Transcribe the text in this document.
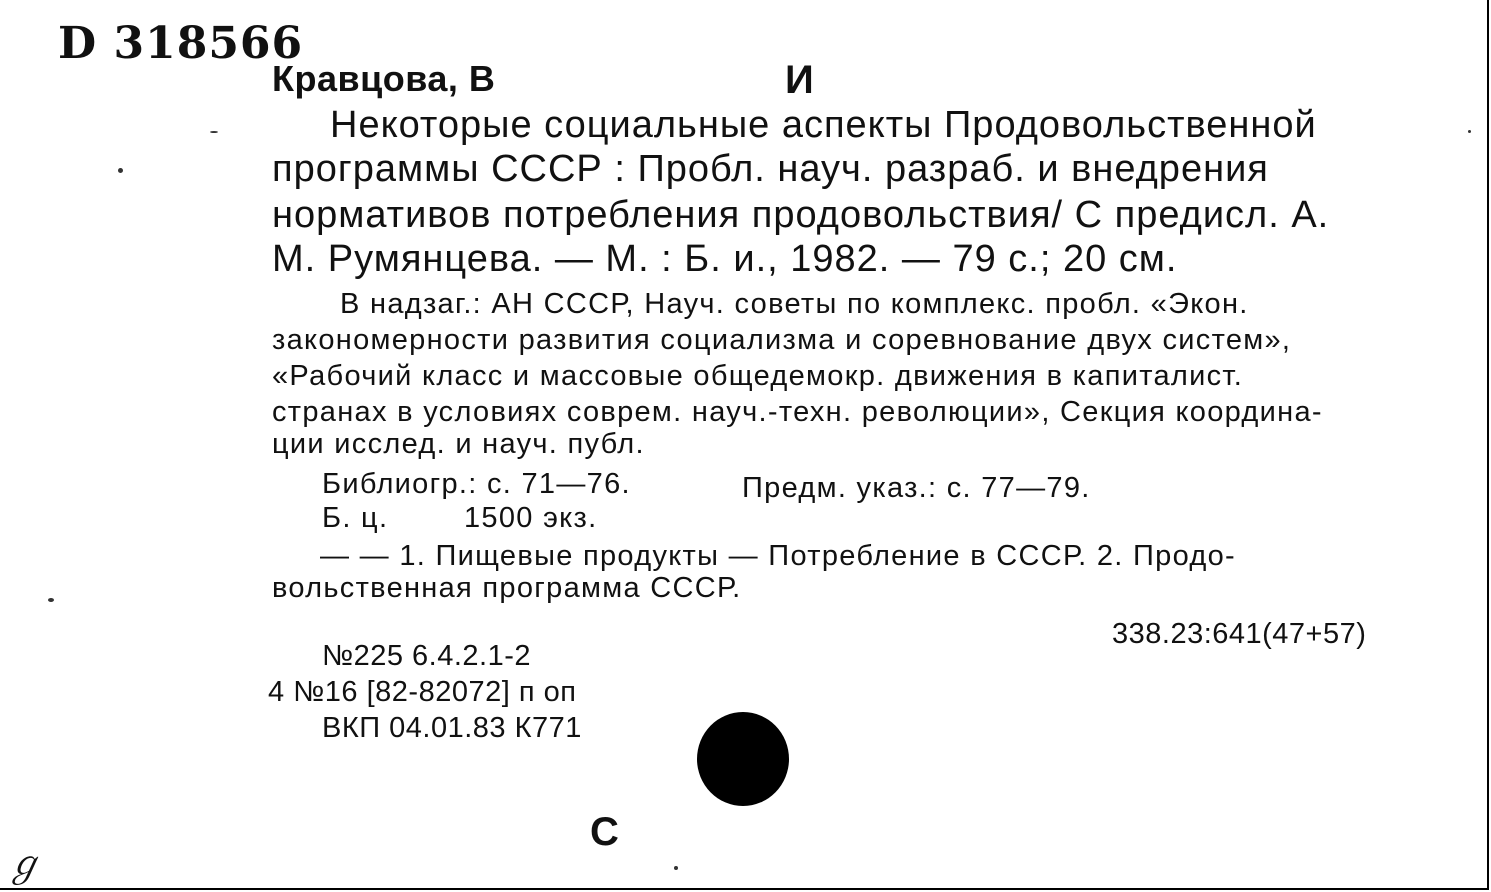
D 318566
Кравцова, В	И
Некоторые социальные аспекты Продовольственной
программы СССР : Пробл. науч. разраб. и внедрения
нормативов потребления продовольствия/ С предисл. А.
М. Румянцева. — М. : Б. и., 1982. — 79 с.; 20 см.
В надзаг.: АН СССР, Науч. советы по комплекс. пробл. «Экон.
закономерности развития социализма и соревнование двух систем»,
«Рабочий класс и массовые общедемокр. движения в капиталист.
странах в условиях соврем. науч.-техн. революции», Секция координа-
ции исслед. и науч. публ.
Библиогр.: с. 71—76.	Предм. указ.: с. 77—79.
Б. ц.	1500 экз.
— — 1. Пищевые продукты — Потребление в СССР. 2. Продо-
вольственная программа СССР.
338.23:641(47+57)
№225 6.4.2.1-2
4 №16 [82-82072] п оп
ВКП 04.01.83 К771
С
ℊ
